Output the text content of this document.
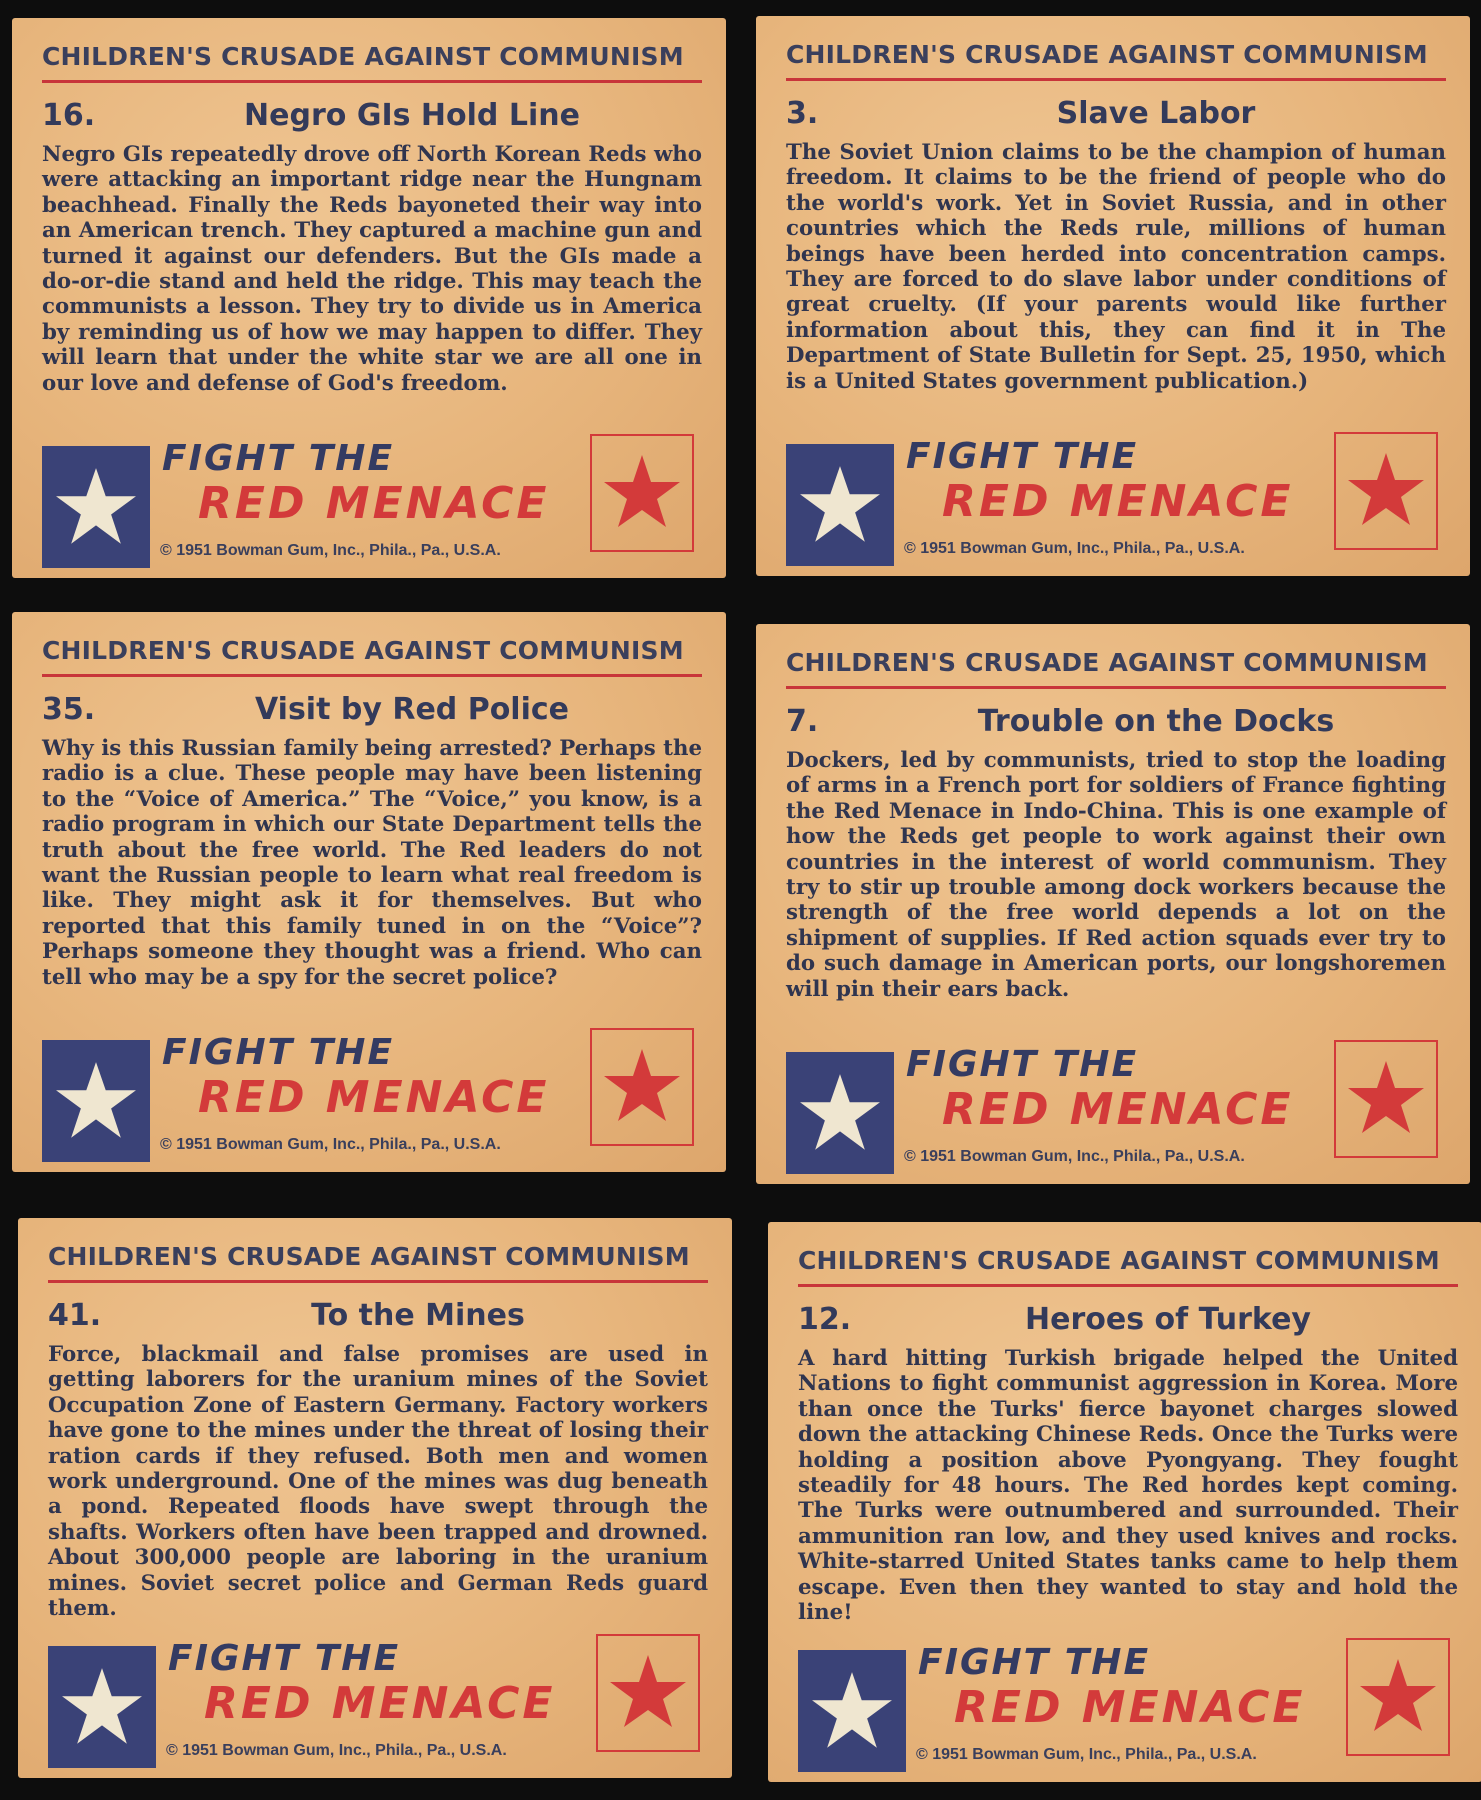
CHILDREN'S CRUSADE AGAINST COMMUNISM
16.	Negro GIs Hold Line
Negro GIs repeatedly drove off North Korean Reds who were attacking an important ridge near the Hungnam beachhead. Finally the Reds bayoneted their way into an American trench. They captured a machine gun and turned it against our defenders. But the GIs made a do-or-die stand and held the ridge. This may teach the communists a lesson. They try to divide us in America by reminding us of how we may happen to differ. They will learn that under the white star we are all one in our love and defense of God's freedom.
FIGHT THE
RED MENACE
© 1951 Bowman Gum, Inc., Phila., Pa., U.S.A.
CHILDREN'S CRUSADE AGAINST COMMUNISM
3.	Slave Labor
The Soviet Union claims to be the champion of human freedom. It claims to be the friend of people who do the world's work. Yet in Soviet Russia, and in other countries which the Reds rule, millions of human beings have been herded into concentration camps. They are forced to do slave labor under conditions of great cruelty. (If your parents would like further information about this, they can find it in The Department of State Bulletin for Sept. 25, 1950, which is a United States government publication.)
FIGHT THE
RED MENACE
© 1951 Bowman Gum, Inc., Phila., Pa., U.S.A.
CHILDREN'S CRUSADE AGAINST COMMUNISM
35.	Visit by Red Police
Why is this Russian family being arrested? Perhaps the radio is a clue. These people may have been listening to the “Voice of America.” The “Voice,” you know, is a radio program in which our State Department tells the truth about the free world. The Red leaders do not want the Russian people to learn what real freedom is like. They might ask it for themselves. But who reported that this family tuned in on the “Voice”? Perhaps someone they thought was a friend. Who can tell who may be a spy for the secret police?
FIGHT THE
RED MENACE
© 1951 Bowman Gum, Inc., Phila., Pa., U.S.A.
CHILDREN'S CRUSADE AGAINST COMMUNISM
7.	Trouble on the Docks
Dockers, led by communists, tried to stop the loading of arms in a French port for soldiers of France fighting the Red Menace in Indo-China. This is one example of how the Reds get people to work against their own countries in the interest of world communism. They try to stir up trouble among dock workers because the strength of the free world depends a lot on the shipment of supplies. If Red action squads ever try to do such damage in American ports, our longshoremen will pin their ears back.
FIGHT THE
RED MENACE
© 1951 Bowman Gum, Inc., Phila., Pa., U.S.A.
CHILDREN'S CRUSADE AGAINST COMMUNISM
41.	To the Mines
Force, blackmail and false promises are used in getting laborers for the uranium mines of the Soviet Occupation Zone of Eastern Germany. Factory workers have gone to the mines under the threat of losing their ration cards if they refused. Both men and women work underground. One of the mines was dug beneath a pond. Repeated floods have swept through the shafts. Workers often have been trapped and drowned. About 300,000 people are laboring in the uranium mines. Soviet secret police and German Reds guard them.
FIGHT THE
RED MENACE
© 1951 Bowman Gum, Inc., Phila., Pa., U.S.A.
CHILDREN'S CRUSADE AGAINST COMMUNISM
12.	Heroes of Turkey
A hard hitting Turkish brigade helped the United Nations to fight communist aggression in Korea. More than once the Turks' fierce bayonet charges slowed down the attacking Chinese Reds. Once the Turks were holding a position above Pyongyang. They fought steadily for 48 hours. The Red hordes kept coming. The Turks were outnumbered and surrounded. Their ammunition ran low, and they used knives and rocks. White-starred United States tanks came to help them escape. Even then they wanted to stay and hold the line!
FIGHT THE
RED MENACE
© 1951 Bowman Gum, Inc., Phila., Pa., U.S.A.
